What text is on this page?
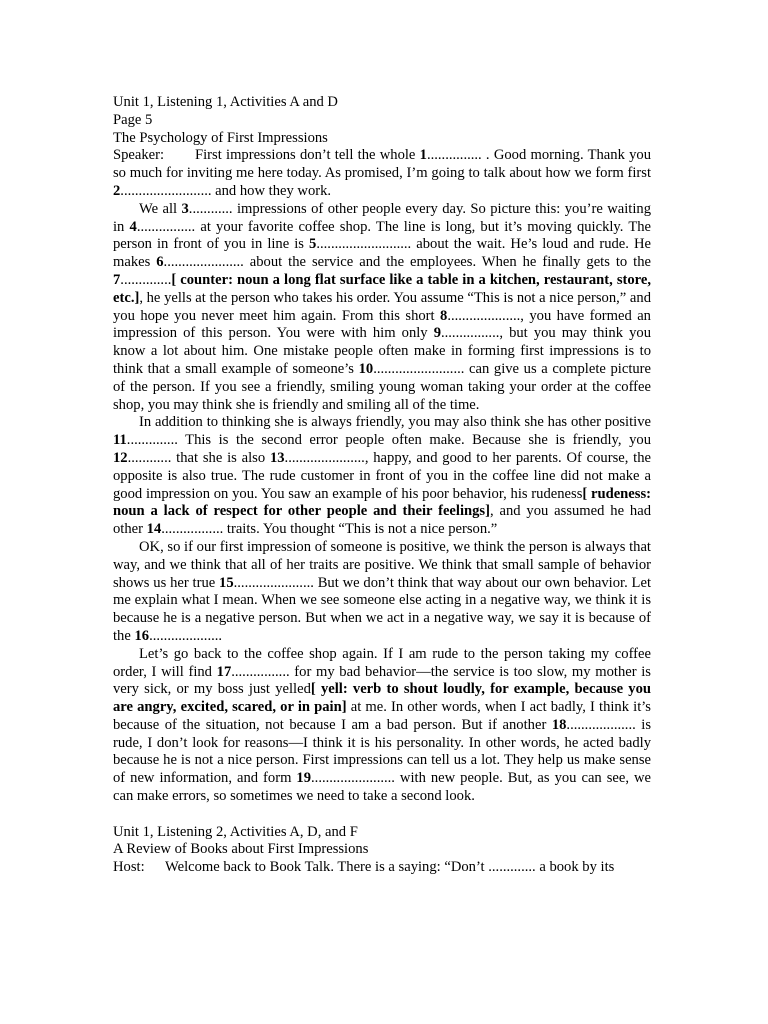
Unit 1, Listening 1, Activities A and D
Page 5
The Psychology of First Impressions

Speaker: First impressions don’t tell the whole 1............... . Good morning. Thank you so much for inviting me here today. As promised, I’m going to talk about how we form first 2......................... and how they work.

We all 3............ impressions of other people every day. So picture this: you’re waiting in 4................ at your favorite coffee shop. The line is long, but it’s moving quickly. The person in front of you in line is 5.......................... about the wait. He’s loud and rude. He makes 6...................... about the service and the employees. When he finally gets to the 7..............[ counter: noun a long flat surface like a table in a kitchen, restaurant, store, etc.], he yells at the person who takes his order. You assume “This is not a nice person,” and you hope you never meet him again. From this short 8...................., you have formed an impression of this person. You were with him only 9................, but you may think you know a lot about him. One mistake people often make in forming first impressions is to think that a small example of someone’s 10......................... can give us a complete picture of the person. If you see a friendly, smiling young woman taking your order at the coffee shop, you may think she is friendly and smiling all of the time.

In addition to thinking she is always friendly, you may also think she has other positive 11.............. This is the second error people often make. Because she is friendly, you 12............ that she is also 13......................, happy, and good to her parents. Of course, the opposite is also true. The rude customer in front of you in the coffee line did not make a good impression on you. You saw an example of his poor behavior, his rudeness[ rudeness: noun a lack of respect for other people and their feelings], and you assumed he had other 14................. traits. You thought “This is not a nice person.”

OK, so if our first impression of someone is positive, we think the person is always that way, and we think that all of her traits are positive. We think that small sample of behavior shows us her true 15...................... But we don’t think that way about our own behavior. Let me explain what I mean. When we see someone else acting in a negative way, we think it is because he is a negative person. But when we act in a negative way, we say it is because of the 16....................

Let’s go back to the coffee shop again. If I am rude to the person taking my coffee order, I will find 17................ for my bad behavior—the service is too slow, my mother is very sick, or my boss just yelled[ yell: verb to shout loudly, for example, because you are angry, excited, scared, or in pain] at me. In other words, when I act badly, I think it’s because of the situation, not because I am a bad person. But if another 18................... is rude, I don’t look for reasons—I think it is his personality. In other words, he acted badly because he is not a nice person. First impressions can tell us a lot. They help us make sense of new information, and form 19....................... with new people. But, as you can see, we can make errors, so sometimes we need to take a second look.

Unit 1, Listening 2, Activities A, D, and F
A Review of Books about First Impressions
Host: Welcome back to Book Talk. There is a saying: “Don’t ............. a book by its
